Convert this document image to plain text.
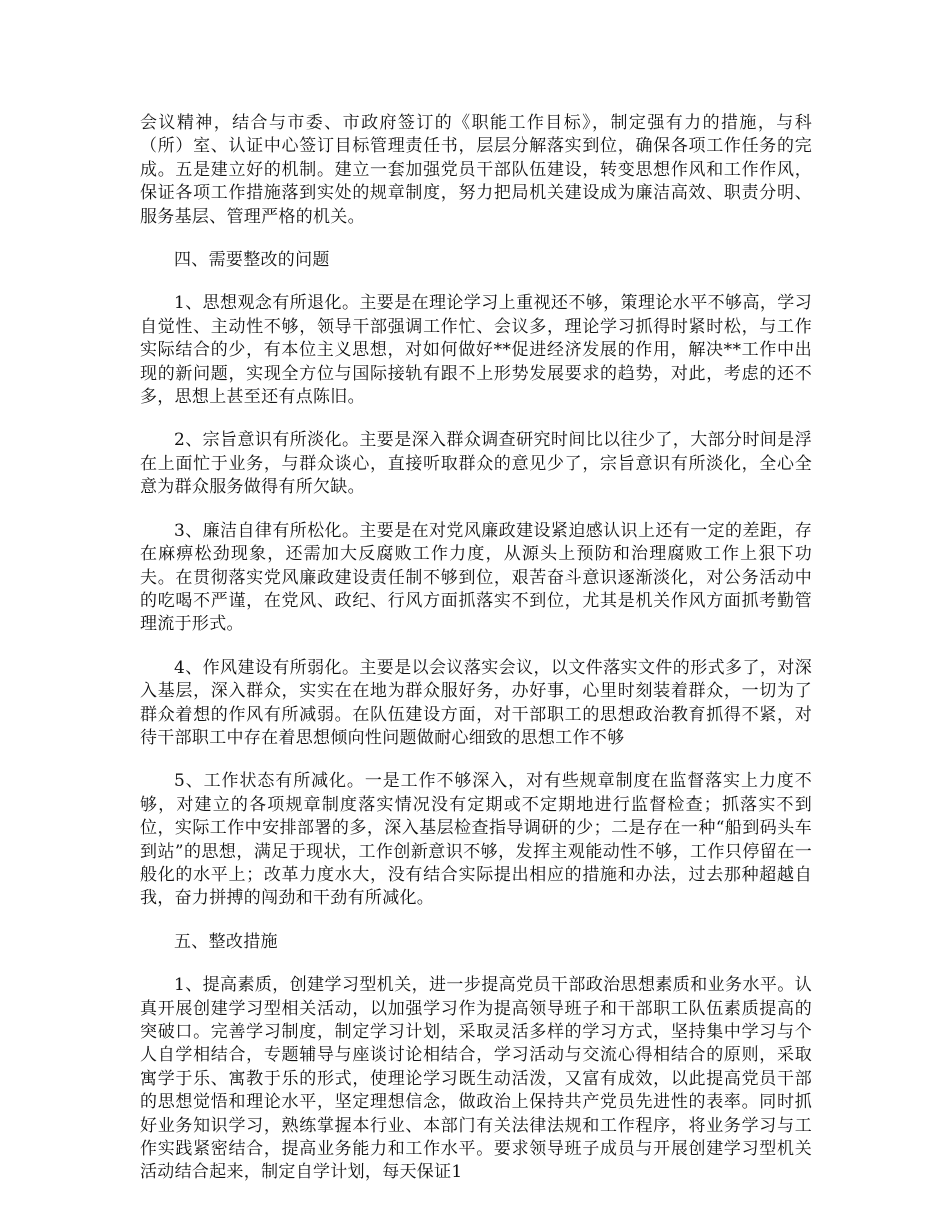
会议精神，结合与市委、市政府签订的《职能工作目标》，制定强有力的措施，与科（所）室、认证中心签订目标管理责任书，层层分解落实到位，确保各项工作任务的完成。五是建立好的机制。建立一套加强党员干部队伍建设，转变思想作风和工作作风，保证各项工作措施落到实处的规章制度，努力把局机关建设成为廉洁高效、职责分明、服务基层、管理严格的机关。

四、需要整改的问题

1、思想观念有所退化。主要是在理论学习上重视还不够，策理论水平不够高，学习自觉性、主动性不够，领导干部强调工作忙、会议多，理论学习抓得时紧时松，与工作实际结合的少，有本位主义思想，对如何做好**促进经济发展的作用，解决**工作中出现的新问题，实现全方位与国际接轨有跟不上形势发展要求的趋势，对此，考虑的还不多，思想上甚至还有点陈旧。

2、宗旨意识有所淡化。主要是深入群众调查研究时间比以往少了，大部分时间是浮在上面忙于业务，与群众谈心，直接听取群众的意见少了，宗旨意识有所淡化，全心全意为群众服务做得有所欠缺。

3、廉洁自律有所松化。主要是在对党风廉政建设紧迫感认识上还有一定的差距，存在麻痹松劲现象，还需加大反腐败工作力度，从源头上预防和治理腐败工作上狠下功夫。在贯彻落实党风廉政建设责任制不够到位，艰苦奋斗意识逐渐淡化，对公务活动中的吃喝不严谨，在党风、政纪、行风方面抓落实不到位，尤其是机关作风方面抓考勤管理流于形式。

4、作风建设有所弱化。主要是以会议落实会议，以文件落实文件的形式多了，对深入基层，深入群众，实实在在地为群众服好务，办好事，心里时刻装着群众，一切为了群众着想的作风有所减弱。在队伍建设方面，对干部职工的思想政治教育抓得不紧，对待干部职工中存在着思想倾向性问题做耐心细致的思想工作不够

5、工作状态有所减化。一是工作不够深入，对有些规章制度在监督落实上力度不够，对建立的各项规章制度落实情况没有定期或不定期地进行监督检查；抓落实不到位，实际工作中安排部署的多，深入基层检查指导调研的少；二是存在一种“船到码头车到站”的思想，满足于现状，工作创新意识不够，发挥主观能动性不够，工作只停留在一般化的水平上；改革力度水大，没有结合实际提出相应的措施和办法，过去那种超越自我，奋力拼搏的闯劲和干劲有所减化。

五、整改措施

1、提高素质，创建学习型机关，进一步提高党员干部政治思想素质和业务水平。认真开展创建学习型相关活动，以加强学习作为提高领导班子和干部职工队伍素质提高的突破口。完善学习制度，制定学习计划，采取灵活多样的学习方式，坚持集中学习与个人自学相结合，专题辅导与座谈讨论相结合，学习活动与交流心得相结合的原则，采取寓学于乐、寓教于乐的形式，使理论学习既生动活泼，又富有成效，以此提高党员干部的思想觉悟和理论水平，坚定理想信念，做政治上保持共产党员先进性的表率。同时抓好业务知识学习，熟练掌握本行业、本部门有关法律法规和工作程序，将业务学习与工作实践紧密结合，提高业务能力和工作水平。要求领导班子成员与开展创建学习型机关活动结合起来，制定自学计划，每天保证1
